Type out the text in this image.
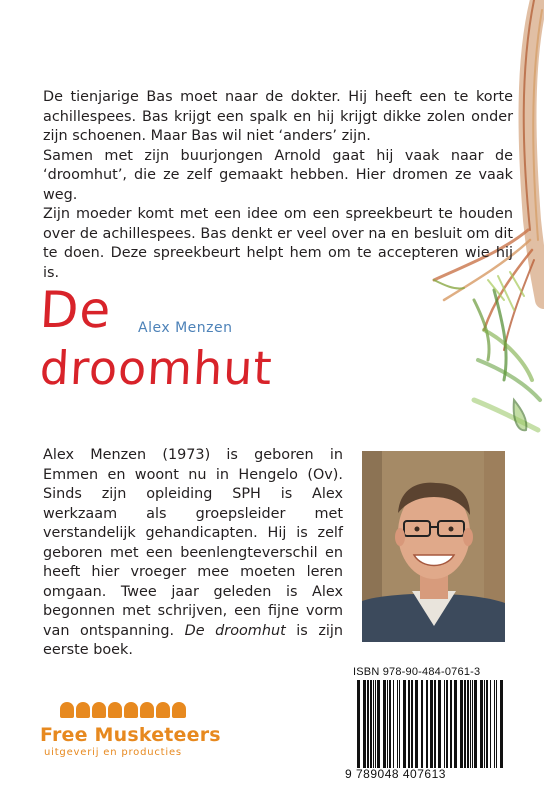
De tienjarige Bas moet naar de dokter. Hij heeft een te korte achillespees. Bas krijgt een spalk en hij krijgt dikke zolen onder zijn schoenen. Maar Bas wil niet ‘anders’ zijn.

Samen met zijn buurjongen Arnold gaat hij vaak naar de ‘droomhut’, die ze zelf gemaakt hebben. Hier dromen ze vaak weg.

Zijn moeder komt met een idee om een spreekbeurt te houden over de achillespees. Bas denkt er veel over na en besluit om dit te doen. Deze spreekbeurt helpt hem om te accepteren wie hij is.

De Alex Menzen
droomhut

Alex Menzen (1973) is geboren in Emmen en woont nu in Hengelo (Ov). Sinds zijn opleiding SPH is Alex werkzaam als groepsleider met verstandelijk gehandicapten. Hij is zelf geboren met een beenlengteverschil en heeft hier vroeger mee moeten leren omgaan. Twee jaar geleden is Alex begonnen met schrijven, een fijne vorm van ontspanning. De droomhut is zijn eerste boek.

ISBN 978-90-484-0761-3
9 789048 407613
Free Musketeers
uitgeverij en producties
